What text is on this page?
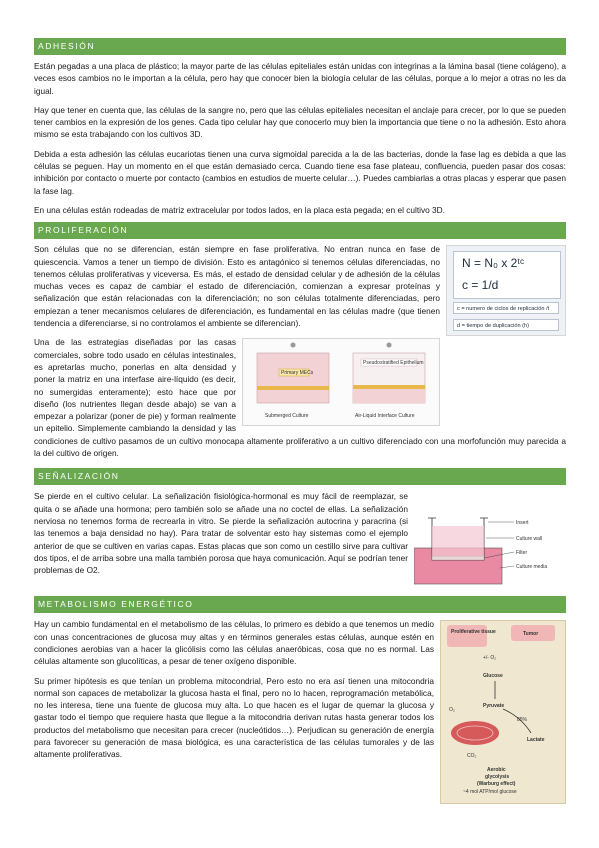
ADHESIÓN

Están pegadas a una placa de plástico; la mayor parte de las células epiteliales están unidas con integrinas a la lámina basal (tiene colágeno), a veces esos cambios no le importan a la célula, pero hay que conocer bien la biología celular de las células, porque a lo mejor a otras no les da igual.

Hay que tener en cuenta que, las células de la sangre no, pero que las células epiteliales necesitan el anclaje para crecer, por lo que se pueden tener cambios en la expresión de los genes. Cada tipo celular hay que conocerlo muy bien la importancia que tiene o no la adhesión. Esto ahora mismo se esta trabajando con los cultivos 3D.

Debida a esta adhesión las células eucariotas tienen una curva sigmoidal parecida a la de las bacterias, donde la fase lag es debida a que las células se peguen. Hay un momento en el que están demasiado cerca. Cuando tiene esa fase plateau, confluencia, pueden pasar dos cosas: inhibición por contacto o muerte por contacto (cambios en estudios de muerte celular…). Puedes cambiarlas a otras placas y esperar que pasen la fase lag.

En una células están rodeadas de matriz extracelular por todos lados, en la placa esta pegada; en el cultivo 3D.

PROLIFERACIÓN
N = N₀ x 2ᵗᶜ
c = 1/d
c = numero de ciclos de replicación /t
d = tiempo de duplicación (h)

Son células que no se diferencian, están siempre en fase proliferativa. No entran nunca en fase de quiescencia. Vamos a tener un tiempo de división. Esto es antagónico si tenemos células diferenciadas, no tenemos células proliferativas y viceversa. Es más, el estado de densidad celular y de adhesión de la células muchas veces es capaz de cambiar el estado de diferenciación, comienzan a expresar proteínas y señalización que están relacionadas con la diferenciación; no son células totalmente diferenciadas, pero empiezan a tener mecanismos celulares de diferenciación, es fundamental en las células madre (que tienen tendencia a diferenciarse, si no controlamos el ambiente se diferencian).

Primary MECs
Submerged Culture
Pseudostratified Epithelium
Air-Liquid Interface Culture

Una de las estrategias diseñadas por las casas comerciales, sobre todo usado en células intestinales, es apretarlas mucho, ponerlas en alta densidad y poner la matriz en una interfase aire-líquido (es decir, no sumergidas enteramente); esto hace que por diseño (los nutrientes llegan desde abajo) se van a empezar a polarizar (poner de pie) y forman realmente un epitelio. Simplemente cambiando la densidad y las condiciones de cultivo pasamos de un cultivo monocapa altamente proliferativo a un cultivo diferenciado con una morfofunción muy parecida a la del cultivo de origen.

SEÑALIZACIÓN
Insert
Culture wall
Filter
Culture media

Se pierde en el cultivo celular. La señalización fisiológica-hormonal es muy fácil de reemplazar, se quita o se añade una hormona; pero también solo se añade una no coctel de ellas. La señalización nerviosa no tenemos forma de recrearla in vitro. Se pierde la señalización autocrina y paracrina (si las tenemos a baja densidad no hay). Para tratar de solventar esto hay sistemas como el ejemplo anterior de que se cultiven en varias capas. Estas placas que son como un cestillo sirve para cultivar dos tipos, el de arriba sobre una malla también porosa que haya comunicación. Aquí se podrían tener problemas de O2.

METABOLISMO ENERGÉTICO
Proliferative tissue	Tumor
+/- O₂
Glucose
Pyruvate
O₂
85%
Lactate
CO₂
Aerobic
glycolysis
(Warburg effect)
~4 mol ATP/mol glucose

Hay un cambio fundamental en el metabolismo de las células, lo primero es debido a que tenemos un medio con unas concentraciones de glucosa muy altas y en términos generales estas células, aunque estén en condiciones aerobias van a hacer la glicólisis como las células anaeróbicas, cosa que no es normal. Las células altamente son glucolíticas, a pesar de tener oxígeno disponible.

Su primer hipótesis es que tenían un problema mitocondrial, Pero esto no era así tienen una mitocondria normal son capaces de metabolizar la glucosa hasta el final, pero no lo hacen, reprogramación metabólica, no les interesa, tiene una fuente de glucosa muy alta. Lo que hacen es el lugar de quemar la glucosa y gastar todo el tiempo que requiere hasta que llegue a la mitocondria derivan rutas hasta generar todos los productos del metabolismo que necesitan para crecer (nucleótidos…). Perjudican su generación de energía para favorecer su generación de masa biológica, es una característica de las células tumorales y de las altamente proliferativas.
